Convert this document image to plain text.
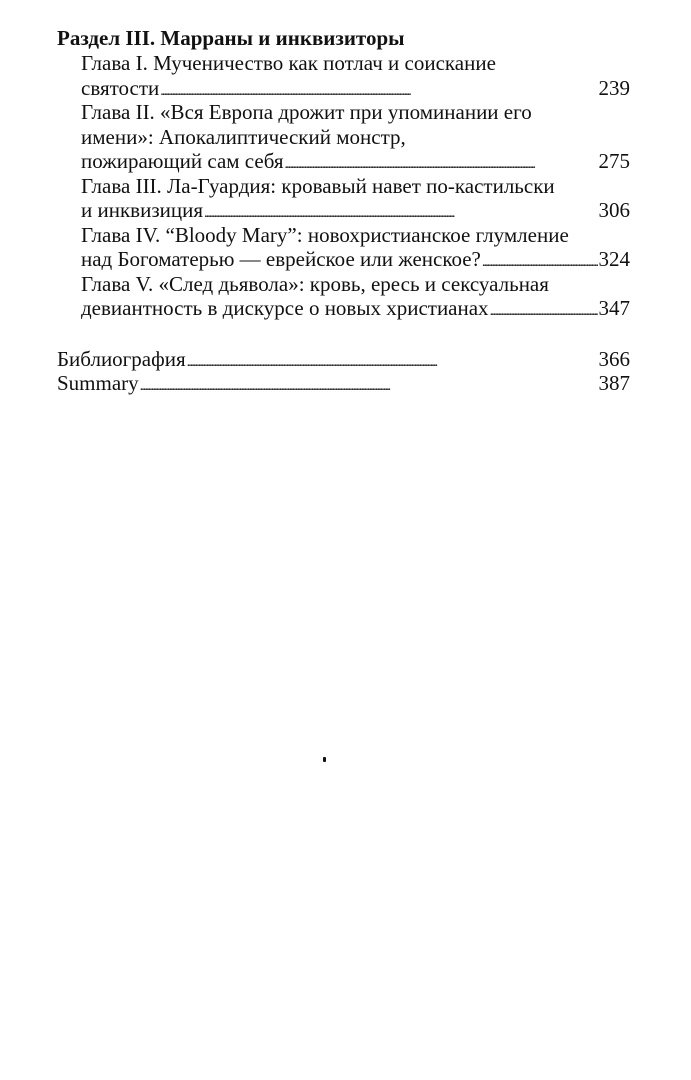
Раздел III. Марраны и инквизиторы
Глава I. Мученичество как потлач и соискание
святости . . .	239
Глава II. «Вся Европа дрожит при упоминании его
имени»: Апокалиптический монстр,
пожирающий сам себя . . .	275
Глава III. Ла-Гуардия: кровавый навет по-кастильски
и инквизиция . . .	306
Глава IV. “Bloody Mary”: новохристианское глумление
над Богоматерью — еврейское или женское? . . .	324
Глава V. «След дьявола»: кровь, ересь и сексуальная
девиантность в дискурсе о новых христианах . . .	347
Библиография . . .	366
Summary . . .	387
